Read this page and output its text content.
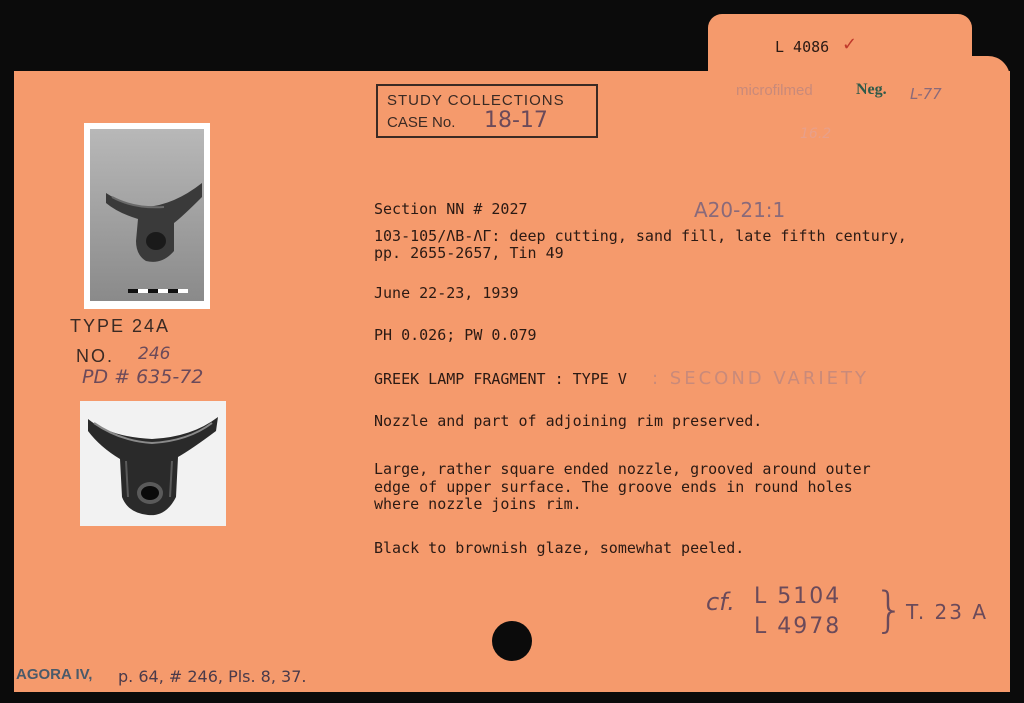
L 4086 ✓
microfilmed	Neg. L-77
16.2
STUDY COLLECTIONS
CASE No. 18-17
TYPE 24A
NO. 246
PD # 635-72
Section NN # 2027	A20-21:1
103-105/ΛΒ-ΛΓ: deep cutting, sand fill, late fifth century,
pp. 2655-2657, Tin 49
June 22-23, 1939
PH 0.026; PW 0.079
GREEK LAMP FRAGMENT : TYPE V : SECOND VARIETY
Nozzle and part of adjoining rim preserved.
Large, rather square ended nozzle, grooved around outer
edge of upper surface. The groove ends in round holes
where nozzle joins rim.
Black to brownish glaze, somewhat peeled.
cf. L 5104
L 4978 } T. 23 A
AGORA IV, p. 64, # 246, Pls. 8, 37.
